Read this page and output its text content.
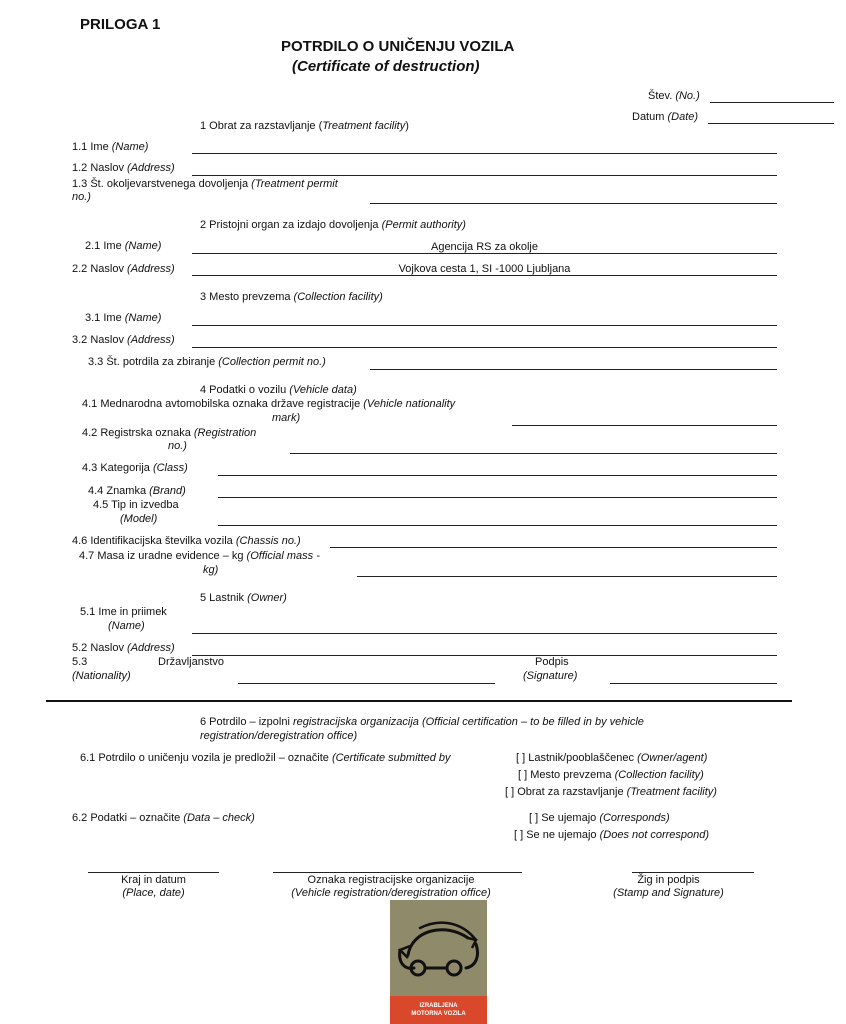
PRILOGA 1
POTRDILO O UNIČENJU VOZILA
(Certificate of destruction)
Štev. (No.)
Datum (Date)
1 Obrat za razstavljanje (Treatment facility)
1.1 Ime (Name)
1.2 Naslov (Address)
1.3 Št. okoljevarstvenega dovoljenja (Treatment permit
no.)
2 Pristojni organ za izdajo dovoljenja (Permit authority)
2.1 Ime (Name)	Agencija RS za okolje
2.2 Naslov (Address)	Vojkova cesta 1, SI -1000 Ljubljana
3 Mesto prevzema (Collection facility)
3.1 Ime (Name)
3.2 Naslov (Address)
3.3 Št. potrdila za zbiranje (Collection permit no.)
4 Podatki o vozilu (Vehicle data)
4.1 Mednarodna avtomobilska oznaka države registracije (Vehicle nationality
mark)
4.2 Registrska oznaka (Registration
no.)
4.3 Kategorija (Class)
4.4 Znamka (Brand)
4.5 Tip in izvedba
(Model)
4.6 Identifikacijska številka vozila (Chassis no.)
4.7 Masa iz uradne evidence – kg (Official mass -
kg)
5 Lastnik (Owner)
5.1 Ime in priimek
(Name)
5.2 Naslov (Address)
5.3	Državljanstvo
(Nationality)
Podpis
(Signature)
6 Potrdilo – izpolni registracijska organizacija (Official certification – to be filled in by vehicle
registration/deregistration office)
6.1 Potrdilo o uničenju vozila je predložil – označite (Certificate submitted by	[ ] Lastnik/pooblaščenec (Owner/agent)
[ ] Mesto prevzema (Collection facility)
[ ] Obrat za razstavljanje (Treatment facility)
6.2 Podatki – označite (Data – check)	[ ] Se ujemajo (Corresponds)
[ ] Se ne ujemajo (Does not correspond)
Kraj in datum
(Place, date)
Oznaka registracijske organizacije
(Vehicle registration/deregistration office)
Žig in podpis
(Stamp and Signature)
IZRABLJENA
MOTORNA VOZILA
